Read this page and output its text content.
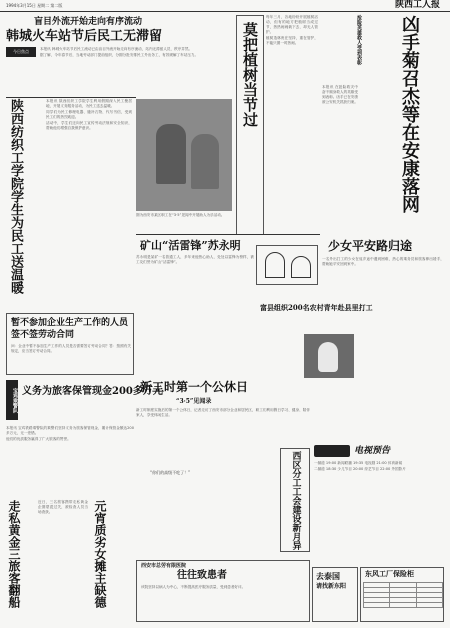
1994年3月15日 星期二 第二版	陕西工人报
盲目外流开始走向有序流动
韩城火车站节后民工无滞留
今日焦点	本报讯 韩城火车站节后民工流动已由盲目外流开始走向有序流动，站内无滞留人员，秩序井然。

据了解，今年春节后，当地劳动部门提前组织，分期分批安排民工外出务工，有效缓解了车站压力。

陕西纺织工学院学生为民工送温暖	本报讯 陕西纺织工学院学生利用假期深入民工聚居地，开展义务服务活动，为民工送去温暖。

同学们为民工修理电器、缝补衣物、代写书信，受到民工们的热烈欢迎。

活动中，学生们还向民工宣传劳动法规和安全知识，帮助他们增强自我保护意识。

图为西安市某区职工在“3·5”见闻中开展助人为乐活动。

莫把植树当节过

每年三月，各地纷纷开展植树活动，但有的地方把植树当成过节，热热闹闹栽下去，却无人管护。

植树造林贵在坚持，重在管护，不能只图一时热闹。	抢险英雄救人受到表彰 凶手菊召杰等在安康落网

本报讯 在抢险救灾中奋不顾身救人的英雄受到表彰。凶手已在安康被公安机关抓获归案。

矿山“活雷锋”苏永明

苏永明是某矿一名普通工人，多年来他热心助人，处处以雷锋为榜样，被工友们誉为矿山“活雷锋”。

少女平安路归途

一名外出打工的少女在返乡途中遇到困难，热心的乘务员和旅客伸出援手，帮助她平安回到家中。

暂不参加企业生产工作的人员签不签劳动合同

问：企业中暂不参加生产工作的人员是否需要签订劳动合同？答：按照有关规定，应当签订劳动合同。

富县组织200名农村青年赴县里打工
宝鸡乘警队 义务为旅客保管现金200多万元

本报讯 宝鸡铁路乘警队的乘警们坚持义务为旅客保管现金，累计保管金额达200多万元，无一差错。

他们的优质服务赢得了广大旅客的赞誉。

新工时第一个公休日
“3·5”见闻录

新工时制度实施后的第一个公休日，记者走访了西安市部分企业和居民区，职工们利用假日学习、健身、陪伴家人，享受休闲生活。

“你们的高级不吃了！”	西区分工工会建设新月异	电视预告

一频道 19:00 新闻联播 19:35 电视剧 21:00 体育新闻

二频道 18:30 少儿节目 20:00 综艺节目 22:00 外国影片

走私黄金三旅客翻船	近日，三名旅客携带走私黄金企图蒙混过关，被检查人员当场查获。	元宵质劣女摊主缺德	西安市总劳有限医院
往往致患者

该院坚持以病人为中心，不断提高医疗服务质量，受到患者好评。

去泰国
请找新东阳
东风工厂保险柜
